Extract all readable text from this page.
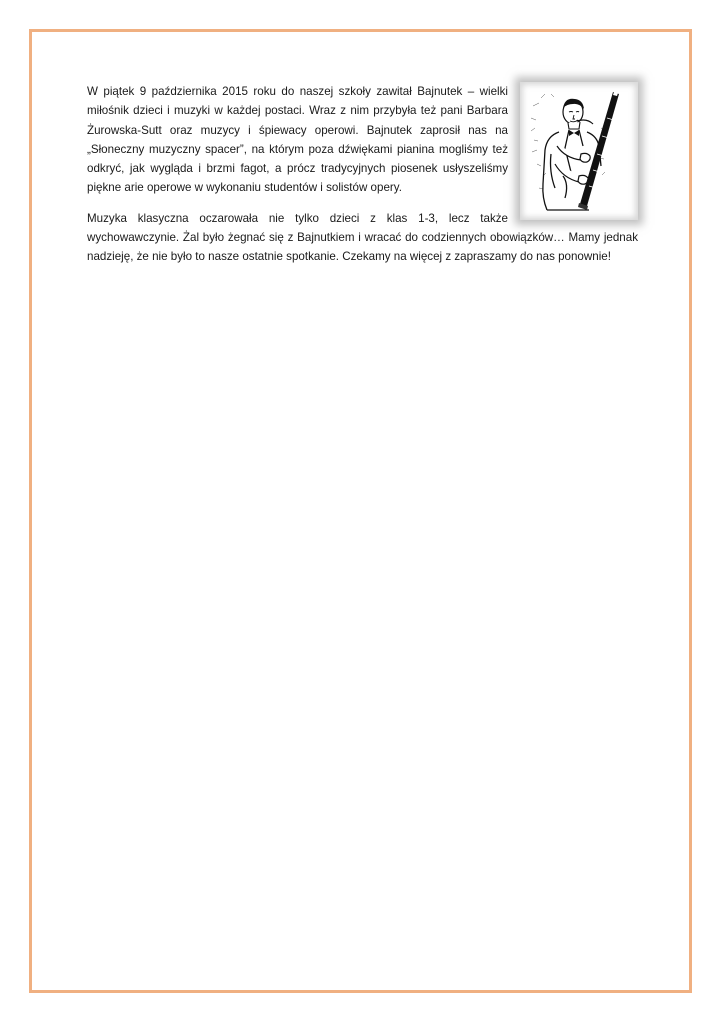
W piątek 9 października 2015 roku do naszej szkoły zawitał Bajnutek – wielki miłośnik dzieci i muzyki w każdej postaci. Wraz z nim przybyła też pani Barbara Żurowska-Sutt oraz muzycy i śpiewacy operowi. Bajnutek zaprosił nas na „Słoneczny muzyczny spacer”, na którym poza dźwiękami pianina mogliśmy też odkryć, jak wygląda i brzmi fagot, a prócz tradycyjnych piosenek usłyszeliśmy piękne arie operowe w wykonaniu studentów i solistów opery.

Muzyka klasyczna oczarowała nie tylko dzieci z klas 1-3, lecz także wychowawczynie. Żal było żegnać się z Bajnutkiem i wracać do codziennych obowiązków… Mamy jednak nadzieję, że nie było to nasze ostatnie spotkanie. Czekamy na więcej z zapraszamy do nas ponownie!
